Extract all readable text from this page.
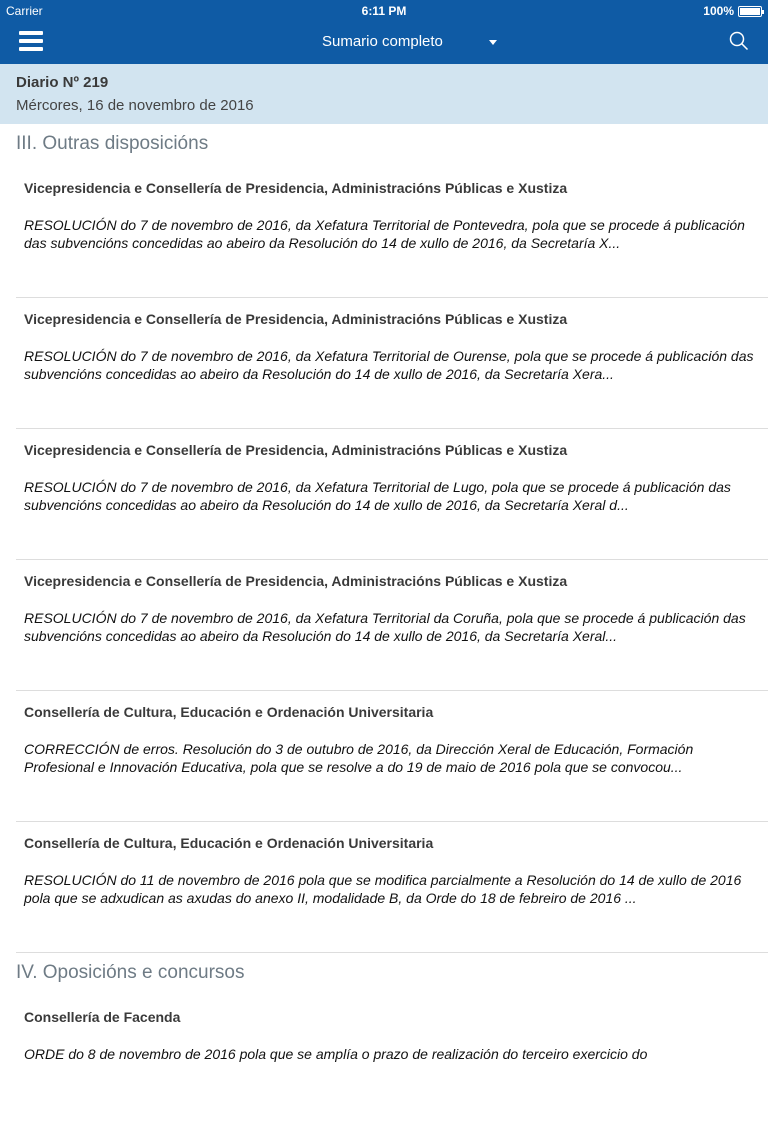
Carrier	6:11 PM	100%
Sumario completo
Diario Nº 219
Mércores, 16 de novembro de 2016
III. Outras disposicións
Vicepresidencia e Consellería de Presidencia, Administracións Públicas e Xustiza
RESOLUCIÓN do 7 de novembro de 2016, da Xefatura Territorial de Pontevedra, pola que se procede á publicación das subvencións concedidas ao abeiro da Resolución do 14 de xullo de 2016, da Secretaría X...
Vicepresidencia e Consellería de Presidencia, Administracións Públicas e Xustiza
RESOLUCIÓN do 7 de novembro de 2016, da Xefatura Territorial de Ourense, pola que se procede á publicación das subvencións concedidas ao abeiro da Resolución do 14 de xullo de 2016, da Secretaría Xera...
Vicepresidencia e Consellería de Presidencia, Administracións Públicas e Xustiza
RESOLUCIÓN do 7 de novembro de 2016, da Xefatura Territorial de Lugo, pola que se procede á publicación das subvencións concedidas ao abeiro da Resolución do 14 de xullo de 2016, da Secretaría Xeral d...
Vicepresidencia e Consellería de Presidencia, Administracións Públicas e Xustiza
RESOLUCIÓN do 7 de novembro de 2016, da Xefatura Territorial da Coruña, pola que se procede á publicación das subvencións concedidas ao abeiro da Resolución do 14 de xullo de 2016, da Secretaría Xeral...
Consellería de Cultura, Educación e Ordenación Universitaria
CORRECCIÓN de erros. Resolución do 3 de outubro de 2016, da Dirección Xeral de Educación, Formación Profesional e Innovación Educativa, pola que se resolve a do 19 de maio de 2016 pola que se convocou...
Consellería de Cultura, Educación e Ordenación Universitaria
RESOLUCIÓN do 11 de novembro de 2016 pola que se modifica parcialmente a Resolución do 14 de xullo de 2016 pola que se adxudican as axudas do anexo II, modalidade B, da Orde do 18 de febreiro de 2016 ...
IV. Oposicións e concursos
Consellería de Facenda
ORDE do 8 de novembro de 2016 pola que se amplía o prazo de realización do terceiro exercicio do
